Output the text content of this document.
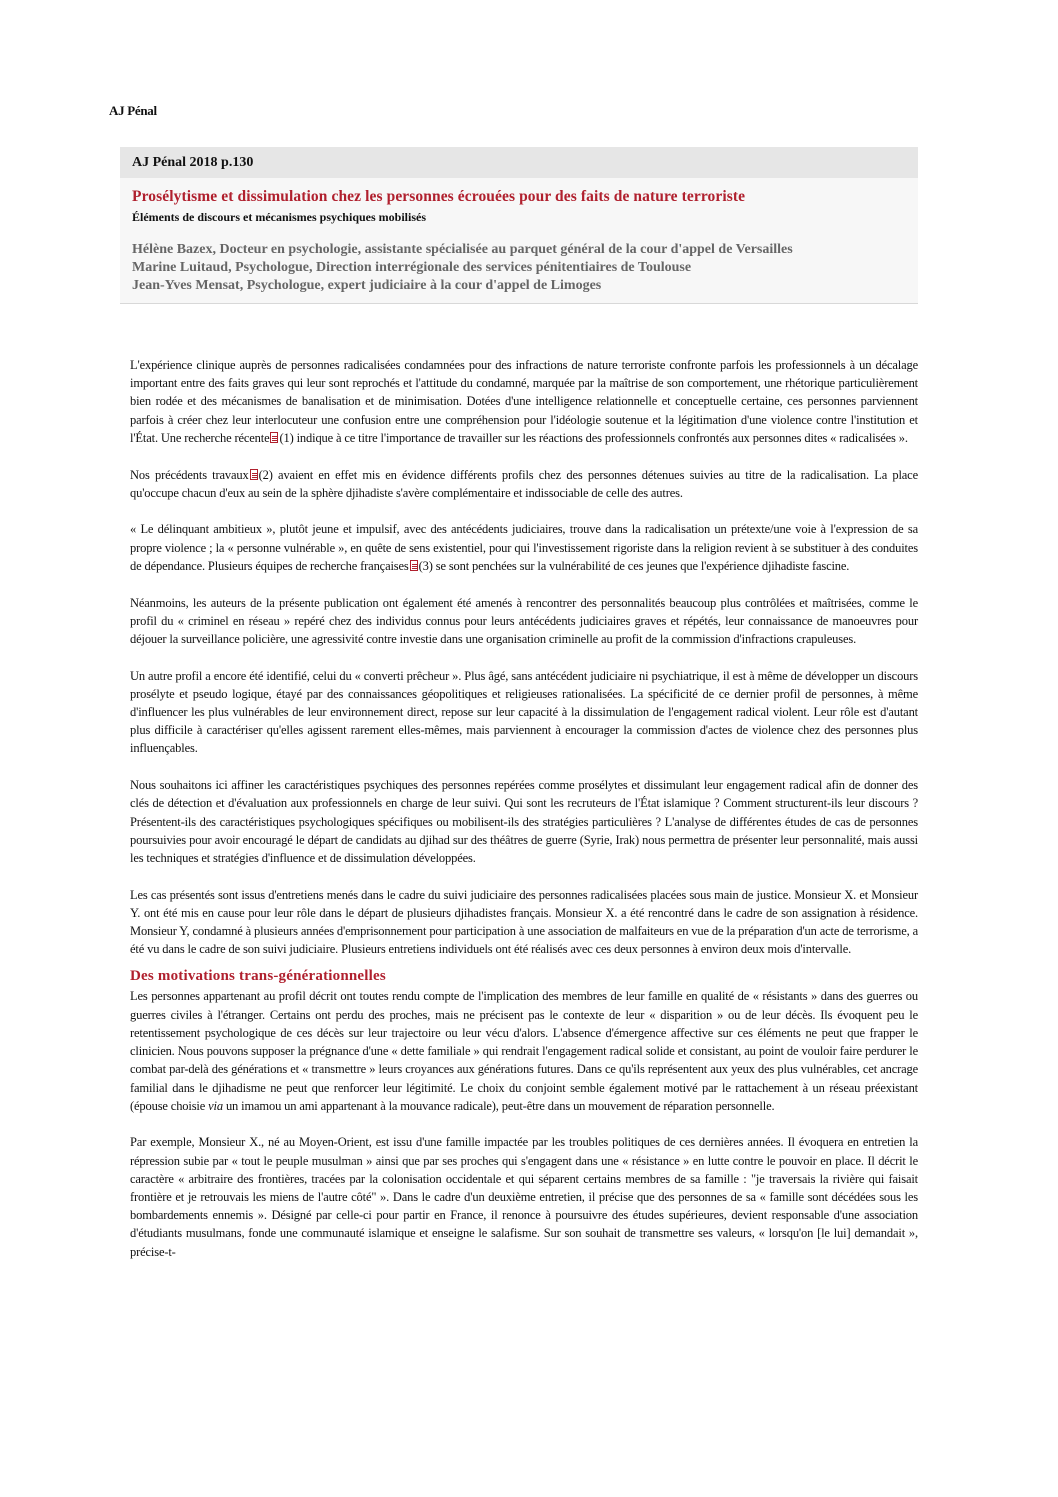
AJ Pénal
AJ Pénal 2018 p.130
Prosélytisme et dissimulation chez les personnes écrouées pour des faits de nature terroriste
Éléments de discours et mécanismes psychiques mobilisés
Hélène Bazex, Docteur en psychologie, assistante spécialisée au parquet général de la cour d'appel de Versailles
Marine Luitaud, Psychologue, Direction interrégionale des services pénitentiaires de Toulouse
Jean-Yves Mensat, Psychologue, expert judiciaire à la cour d'appel de Limoges

L'expérience clinique auprès de personnes radicalisées condamnées pour des infractions de nature terroriste confronte parfois les professionnels à un décalage important entre des faits graves qui leur sont reprochés et l'attitude du condamné, marquée par la maîtrise de son comportement, une rhétorique particulièrement bien rodée et des mécanismes de banalisation et de minimisation. Dotées d'une intelligence relationnelle et conceptuelle certaine, ces personnes parviennent parfois à créer chez leur interlocuteur une confusion entre une compréhension pour l'idéologie soutenue et la légitimation d'une violence contre l'institution et l'État. Une recherche récente (1) indique à ce titre l'importance de travailler sur les réactions des professionnels confrontés aux personnes dites « radicalisées ».

Nos précédents travaux (2) avaient en effet mis en évidence différents profils chez des personnes détenues suivies au titre de la radicalisation. La place qu'occupe chacun d'eux au sein de la sphère djihadiste s'avère complémentaire et indissociable de celle des autres.

« Le délinquant ambitieux », plutôt jeune et impulsif, avec des antécédents judiciaires, trouve dans la radicalisation un prétexte/une voie à l'expression de sa propre violence ; la « personne vulnérable », en quête de sens existentiel, pour qui l'investissement rigoriste dans la religion revient à se substituer à des conduites de dépendance. Plusieurs équipes de recherche françaises (3) se sont penchées sur la vulnérabilité de ces jeunes que l'expérience djihadiste fascine.

Néanmoins, les auteurs de la présente publication ont également été amenés à rencontrer des personnalités beaucoup plus contrôlées et maîtrisées, comme le profil du « criminel en réseau » repéré chez des individus connus pour leurs antécédents judiciaires graves et répétés, leur connaissance de manoeuvres pour déjouer la surveillance policière, une agressivité contre investie dans une organisation criminelle au profit de la commission d'infractions crapuleuses.

Un autre profil a encore été identifié, celui du « converti prêcheur ». Plus âgé, sans antécédent judiciaire ni psychiatrique, il est à même de développer un discours prosélyte et pseudo logique, étayé par des connaissances géopolitiques et religieuses rationalisées. La spécificité de ce dernier profil de personnes, à même d'influencer les plus vulnérables de leur environnement direct, repose sur leur capacité à la dissimulation de l'engagement radical violent. Leur rôle est d'autant plus difficile à caractériser qu'elles agissent rarement elles-mêmes, mais parviennent à encourager la commission d'actes de violence chez des personnes plus influençables.

Nous souhaitons ici affiner les caractéristiques psychiques des personnes repérées comme prosélytes et dissimulant leur engagement radical afin de donner des clés de détection et d'évaluation aux professionnels en charge de leur suivi. Qui sont les recruteurs de l'État islamique ? Comment structurent-ils leur discours ? Présentent-ils des caractéristiques psychologiques spécifiques ou mobilisent-ils des stratégies particulières ? L'analyse de différentes études de cas de personnes poursuivies pour avoir encouragé le départ de candidats au djihad sur des théâtres de guerre (Syrie, Irak) nous permettra de présenter leur personnalité, mais aussi les techniques et stratégies d'influence et de dissimulation développées.

Les cas présentés sont issus d'entretiens menés dans le cadre du suivi judiciaire des personnes radicalisées placées sous main de justice. Monsieur X. et Monsieur Y. ont été mis en cause pour leur rôle dans le départ de plusieurs djihadistes français. Monsieur X. a été rencontré dans le cadre de son assignation à résidence. Monsieur Y, condamné à plusieurs années d'emprisonnement pour participation à une association de malfaiteurs en vue de la préparation d'un acte de terrorisme, a été vu dans le cadre de son suivi judiciaire. Plusieurs entretiens individuels ont été réalisés avec ces deux personnes à environ deux mois d'intervalle.

Des motivations trans-générationnelles

Les personnes appartenant au profil décrit ont toutes rendu compte de l'implication des membres de leur famille en qualité de « résistants » dans des guerres ou guerres civiles à l'étranger. Certains ont perdu des proches, mais ne précisent pas le contexte de leur « disparition » ou de leur décès. Ils évoquent peu le retentissement psychologique de ces décès sur leur trajectoire ou leur vécu d'alors. L'absence d'émergence affective sur ces éléments ne peut que frapper le clinicien. Nous pouvons supposer la prégnance d'une « dette familiale » qui rendrait l'engagement radical solide et consistant, au point de vouloir faire perdurer le combat par-delà des générations et « transmettre » leurs croyances aux générations futures. Dans ce qu'ils représentent aux yeux des plus vulnérables, cet ancrage familial dans le djihadisme ne peut que renforcer leur légitimité. Le choix du conjoint semble également motivé par le rattachement à un réseau préexistant (épouse choisie via un imamou un ami appartenant à la mouvance radicale), peut-être dans un mouvement de réparation personnelle.

Par exemple, Monsieur X., né au Moyen-Orient, est issu d'une famille impactée par les troubles politiques de ces dernières années. Il évoquera en entretien la répression subie par « tout le peuple musulman » ainsi que par ses proches qui s'engagent dans une « résistance » en lutte contre le pouvoir en place. Il décrit le caractère « arbitraire des frontières, tracées par la colonisation occidentale et qui séparent certains membres de sa famille : "je traversais la rivière qui faisait frontière et je retrouvais les miens de l'autre côté" ». Dans le cadre d'un deuxième entretien, il précise que des personnes de sa « famille sont décédées sous les bombardements ennemis ». Désigné par celle-ci pour partir en France, il renonce à poursuivre des études supérieures, devient responsable d'une association d'étudiants musulmans, fonde une communauté islamique et enseigne le salafisme. Sur son souhait de transmettre ses valeurs, « lorsqu'on [le lui] demandait », précise-t-
